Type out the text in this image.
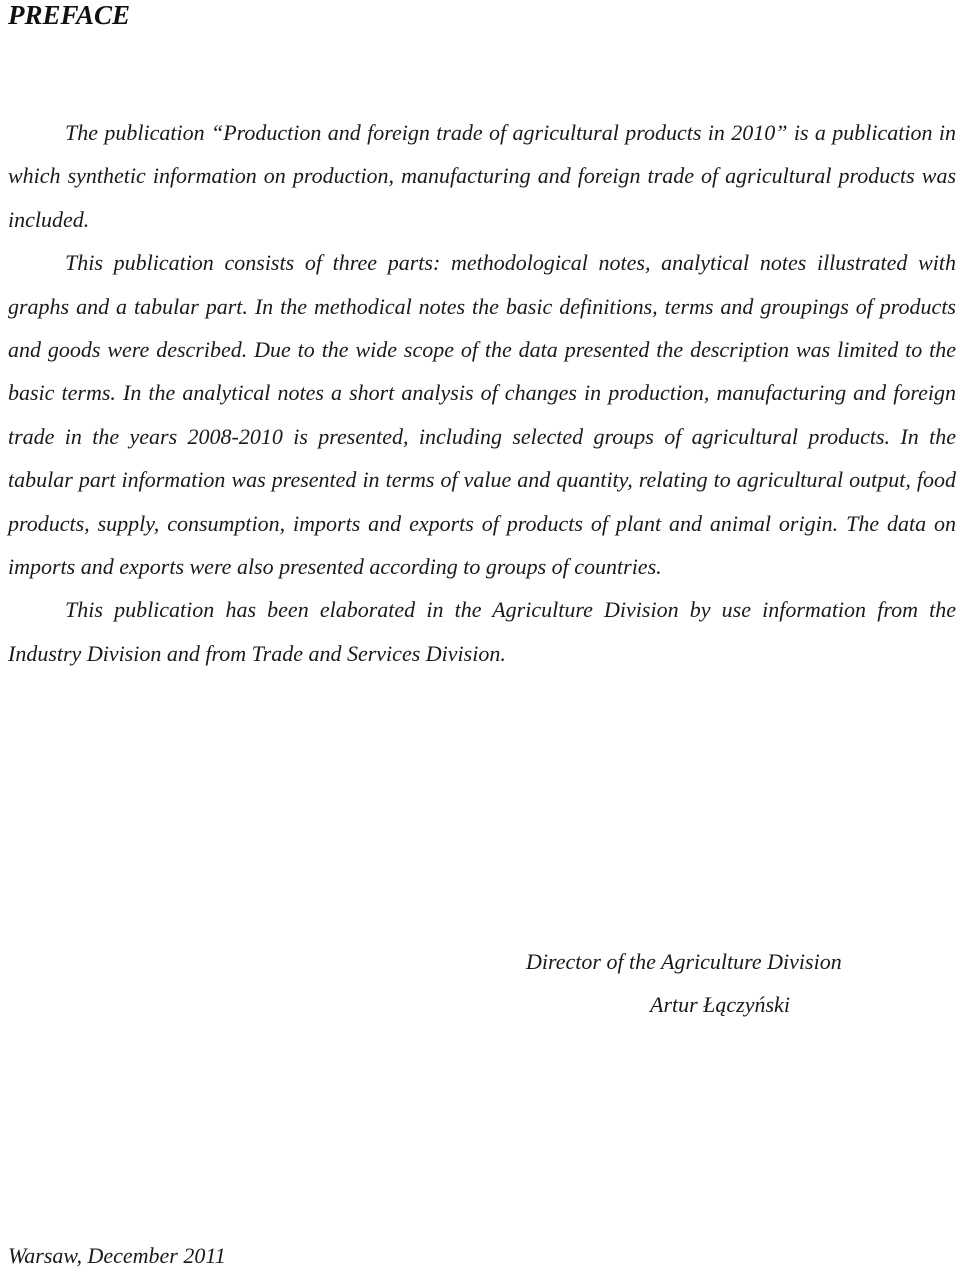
PREFACE

The publication “Production and foreign trade of agricultural products in 2010” is a publication in which synthetic information on production, manufacturing and foreign trade of agricultural products was included.

This publication consists of three parts: methodological notes, analytical notes illustrated with graphs and a tabular part. In the methodical notes the basic definitions, terms and groupings of products and goods were described. Due to the wide scope of the data presented the description was limited to the basic terms. In the analytical notes a short analysis of changes in production, manufacturing and foreign trade in the years 2008-2010 is presented, including selected groups of agricultural products. In the tabular part information was presented in terms of value and quantity, relating to agricultural output, food products, supply, consumption, imports and exports of products of plant and animal origin. The data on imports and exports were also presented according to groups of countries.

This publication has been elaborated in the Agriculture Division by use information from the Industry Division and from Trade and Services Division.

Director of the Agriculture Division
Artur Łączyński
Warsaw, December 2011
